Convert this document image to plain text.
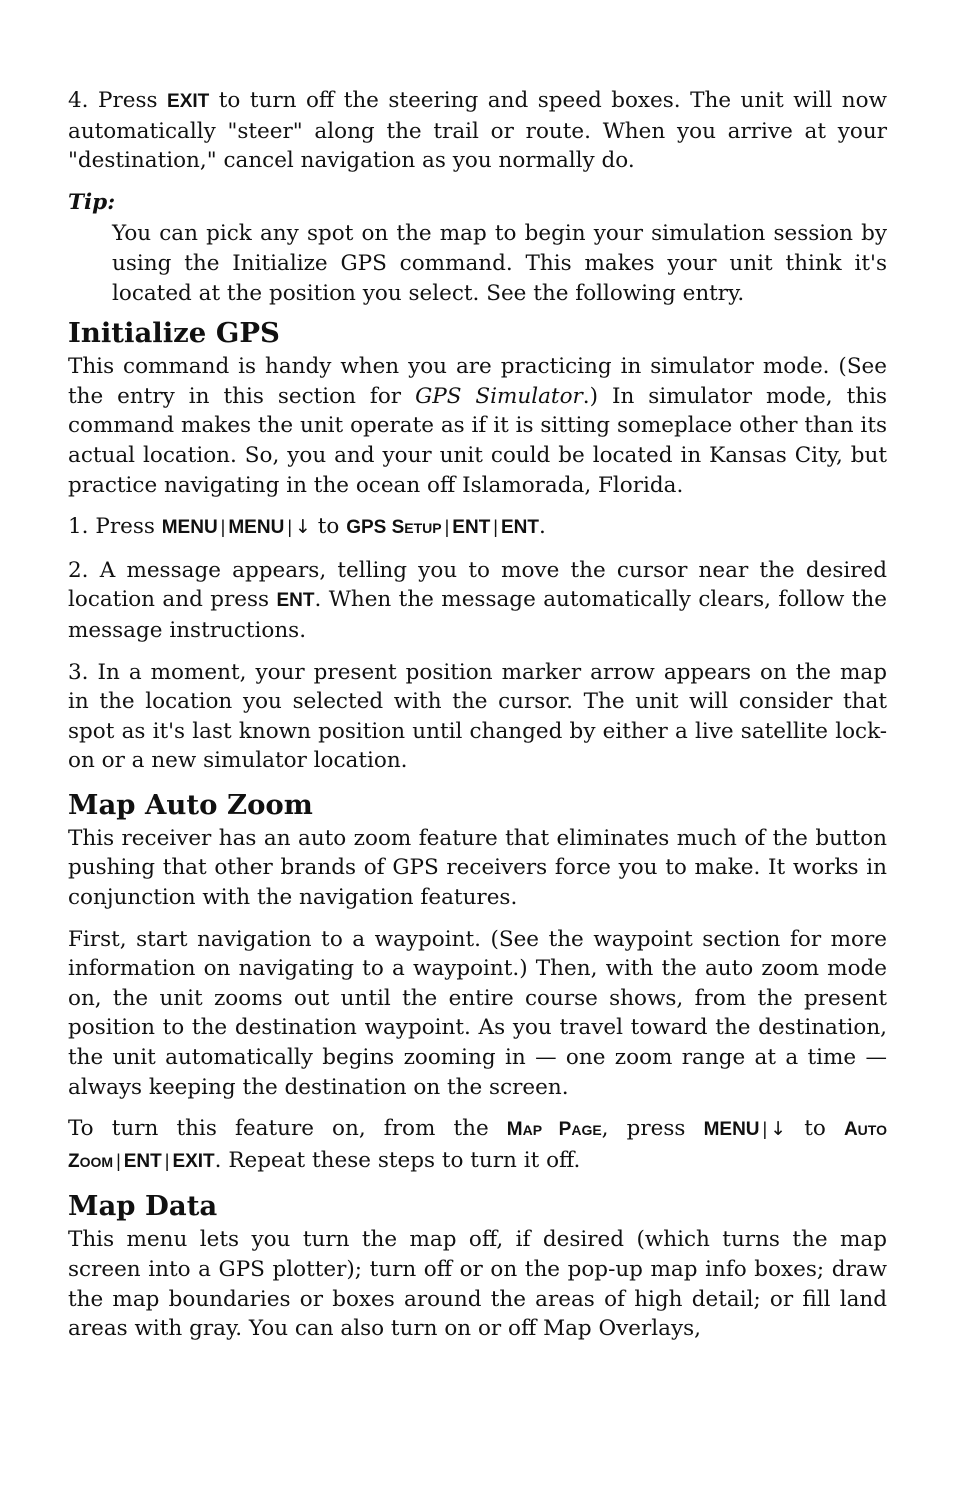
4. Press EXIT to turn off the steering and speed boxes. The unit will now automatically "steer" along the trail or route. When you arrive at your "destination," cancel navigation as you normally do.

Tip:

You can pick any spot on the map to begin your simulation session by using the Initialize GPS command. This makes your unit think it's located at the position you select. See the following entry.

Initialize GPS

This command is handy when you are practicing in simulator mode. (See the entry in this section for GPS Simulator.) In simulator mode, this command makes the unit operate as if it is sitting someplace other than its actual location. So, you and your unit could be located in Kansas City, but practice navigating in the ocean off Islamorada, Florida.

1. Press MENU | MENU | ↓ to GPS SETUP | ENT | ENT.

2. A message appears, telling you to move the cursor near the desired location and press ENT. When the message automatically clears, follow the message instructions.

3. In a moment, your present position marker arrow appears on the map in the location you selected with the cursor. The unit will consider that spot as it's last known position until changed by either a live satellite lock-on or a new simulator location.

Map Auto Zoom

This receiver has an auto zoom feature that eliminates much of the button pushing that other brands of GPS receivers force you to make. It works in conjunction with the navigation features.

First, start navigation to a waypoint. (See the waypoint section for more information on navigating to a waypoint.) Then, with the auto zoom mode on, the unit zooms out until the entire course shows, from the present position to the destination waypoint. As you travel toward the destination, the unit automatically begins zooming in — one zoom range at a time — always keeping the destination on the screen.

To turn this feature on, from the MAP PAGE, press MENU | ↓ to AUTO ZOOM | ENT | EXIT. Repeat these steps to turn it off.

Map Data

This menu lets you turn the map off, if desired (which turns the map screen into a GPS plotter); turn off or on the pop-up map info boxes; draw the map boundaries or boxes around the areas of high detail; or fill land areas with gray. You can also turn on or off Map Overlays,
